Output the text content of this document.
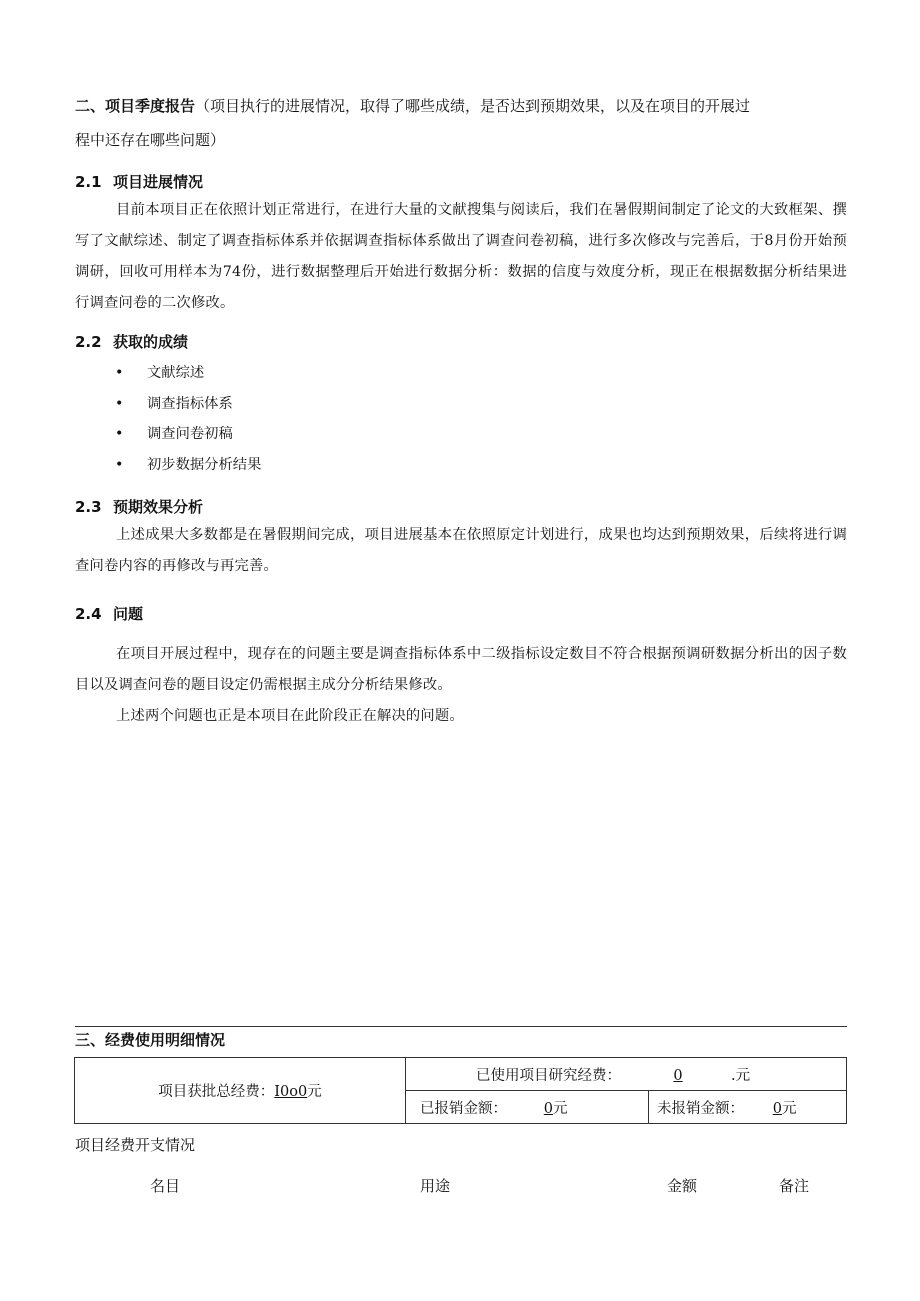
二、项目季度报告（项目执行的进展情况，取得了哪些成绩，是否达到预期效果，以及在项目的开展过
程中还存在哪些问题）
2.1 项目进展情况
目前本项目正在依照计划正常进行，在进行大量的文献搜集与阅读后，我们在暑假期间制定了论文的大致框架、撰写了文献综述、制定了调查指标体系并依据调查指标体系做出了调查问卷初稿，进行多次修改与完善后，于8月份开始预调研，回收可用样本为74份，进行数据整理后开始进行数据分析：数据的信度与效度分析，现正在根据数据分析结果进行调查问卷的二次修改。
2.2 获取的成绩
• 文献综述
• 调查指标体系
• 调查问卷初稿
• 初步数据分析结果
2.3 预期效果分析
上述成果大多数都是在暑假期间完成，项目进展基本在依照原定计划进行，成果也均达到预期效果，后续将进行调查问卷内容的再修改与再完善。
2.4 问题
在项目开展过程中，现存在的问题主要是调查指标体系中二级指标设定数目不符合根据预调研数据分析出的因子数目以及调查问卷的题目设定仍需根据主成分分析结果修改。
上述两个问题也正是本项目在此阶段正在解决的问题。
三、经费使用明细情况
项目获批总经费：I0o0元	已使用项目研究经费： 0 .元	
	已报销金额： 0元	未报销金额： 0元
项目经费开支情况
名目	用途	金额	备注
